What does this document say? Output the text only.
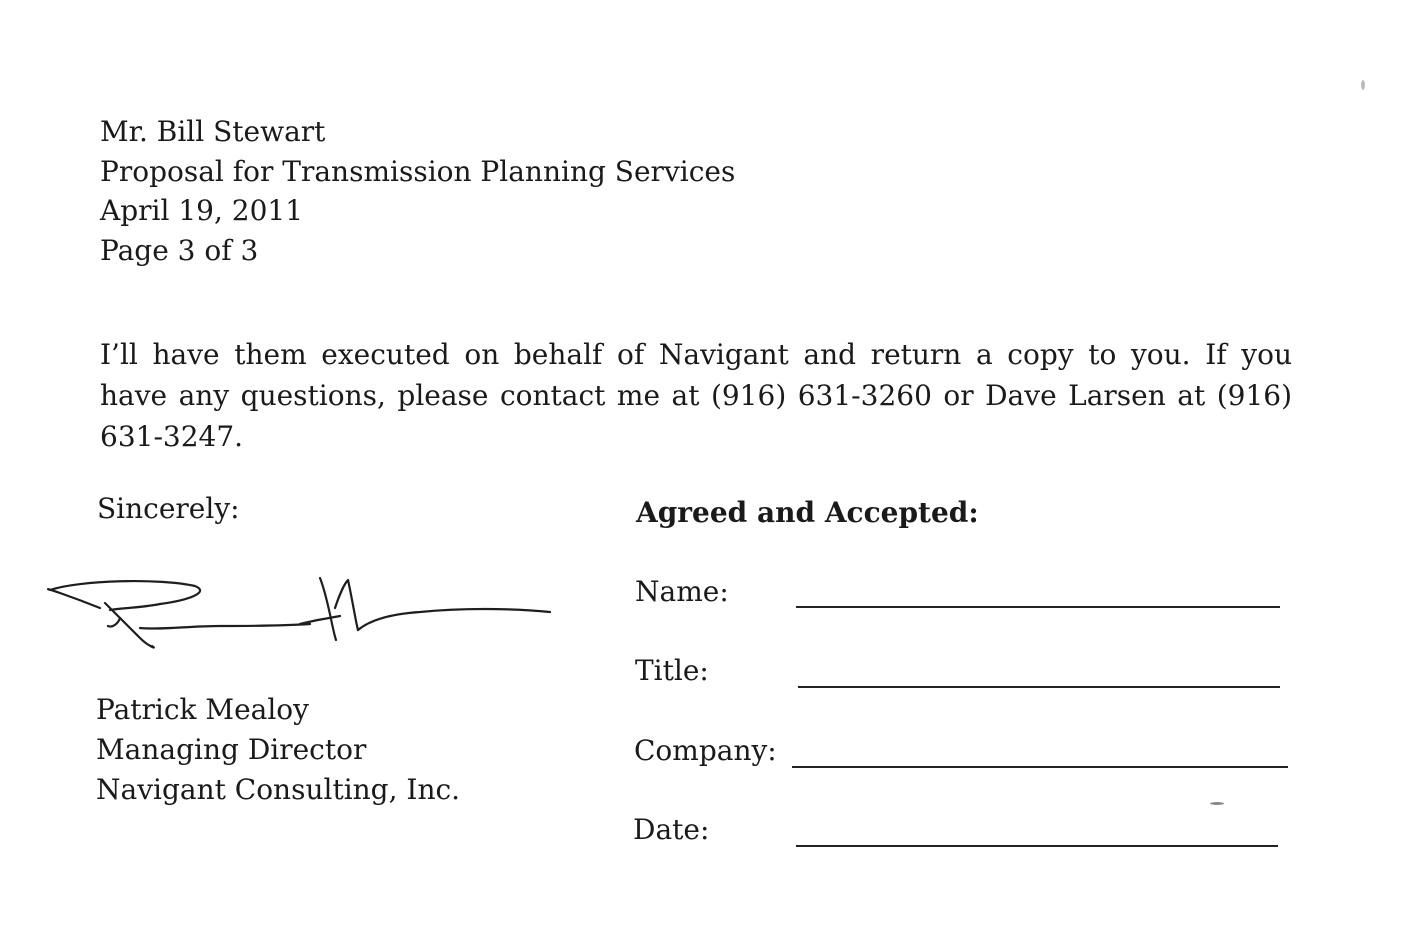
Mr. Bill Stewart
Proposal for Transmission Planning Services
April 19, 2011
Page 3 of 3
I’ll have them executed on behalf of Navigant and return a copy to you. If you have any questions, please contact me at (916) 631-3260 or Dave Larsen at (916) 631-3247.
Sincerely:
Patrick Mealoy
Managing Director
Navigant Consulting, Inc.
Agreed and Accepted:
Name:
Title:
Company:
Date:
